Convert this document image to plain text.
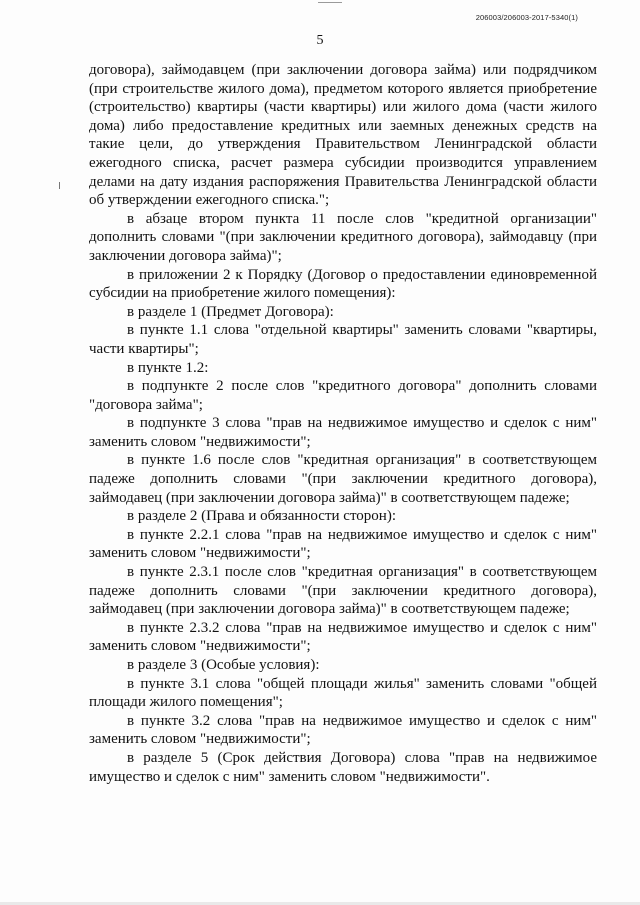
206003/206003-2017-5340(1)
5

договора), займодавцем (при заключении договора займа) или подрядчиком (при строительстве жилого дома), предметом которого является приобретение (строительство) квартиры (части квартиры) или жилого дома (части жилого дома) либо предоставление кредитных или заемных денежных средств на такие цели, до утверждения Правительством Ленинградской области ежегодного списка, расчет размера субсидии производится управлением делами на дату издания распоряжения Правительства Ленинградской области об утверждении ежегодного списка.";

в абзаце втором пункта 11 после слов "кредитной организации" дополнить словами "(при заключении кредитного договора), займодавцу (при заключении договора займа)";

в приложении 2 к Порядку (Договор о предоставлении единовременной субсидии на приобретение жилого помещения):

в разделе 1 (Предмет Договора):

в пункте 1.1 слова "отдельной квартиры" заменить словами "квартиры, части квартиры";

в пункте 1.2:

в подпункте 2 после слов "кредитного договора" дополнить словами "договора займа";

в подпункте 3 слова "прав на недвижимое имущество и сделок с ним" заменить словом "недвижимости";

в пункте 1.6 после слов "кредитная организация" в соответствующем падеже дополнить словами "(при заключении кредитного договора), займодавец (при заключении договора займа)" в соответствующем падеже;

в разделе 2 (Права и обязанности сторон):

в пункте 2.2.1 слова "прав на недвижимое имущество и сделок с ним" заменить словом "недвижимости";

в пункте 2.3.1 после слов "кредитная организация" в соответствующем падеже дополнить словами "(при заключении кредитного договора), займодавец (при заключении договора займа)" в соответствующем падеже;

в пункте 2.3.2 слова "прав на недвижимое имущество и сделок с ним" заменить словом "недвижимости";

в разделе 3 (Особые условия):

в пункте 3.1 слова "общей площади жилья" заменить словами "общей площади жилого помещения";

в пункте 3.2 слова "прав на недвижимое имущество и сделок с ним" заменить словом "недвижимости";

в разделе 5 (Срок действия Договора) слова "прав на недвижимое имущество и сделок с ним" заменить словом "недвижимости".
